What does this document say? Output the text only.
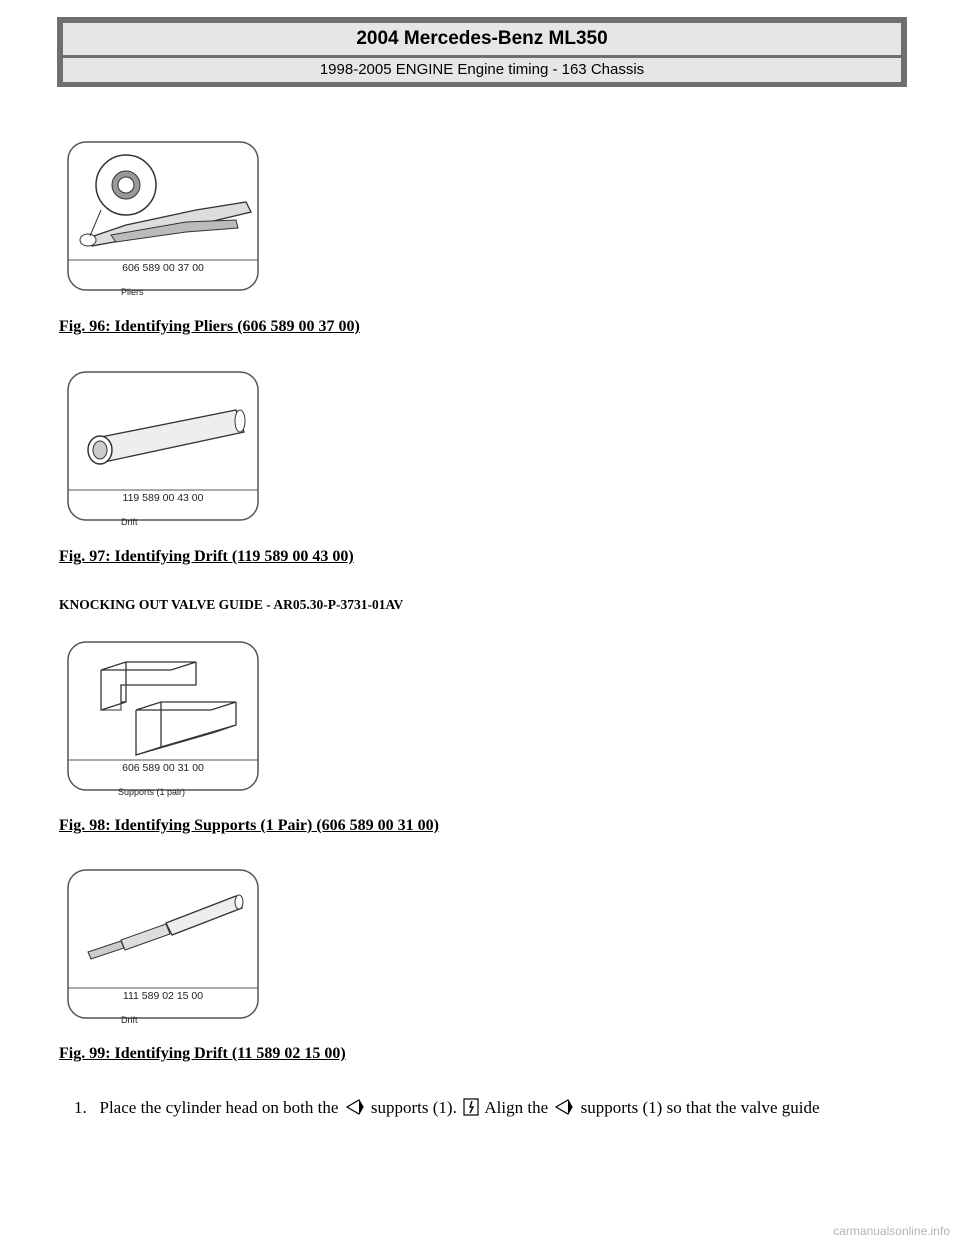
2004 Mercedes-Benz ML350
1998-2005 ENGINE Engine timing - 163 Chassis
606 589 00 37 00
Pliers
Fig. 96: Identifying Pliers (606 589 00 37 00)
119 589 00 43 00
Drift
Fig. 97: Identifying Drift (119 589 00 43 00)
KNOCKING OUT VALVE GUIDE - AR05.30-P-3731-01AV
606 589 00 31 00
Supports (1 pair)
Fig. 98: Identifying Supports (1 Pair) (606 589 00 31 00)
111 589 02 15 00
Drift
Fig. 99: Identifying Drift (11 589 02 15 00)
1. Place the cylinder head on both the supports (1). Align the supports (1) so that the valve guide
carmanualsonline.info
